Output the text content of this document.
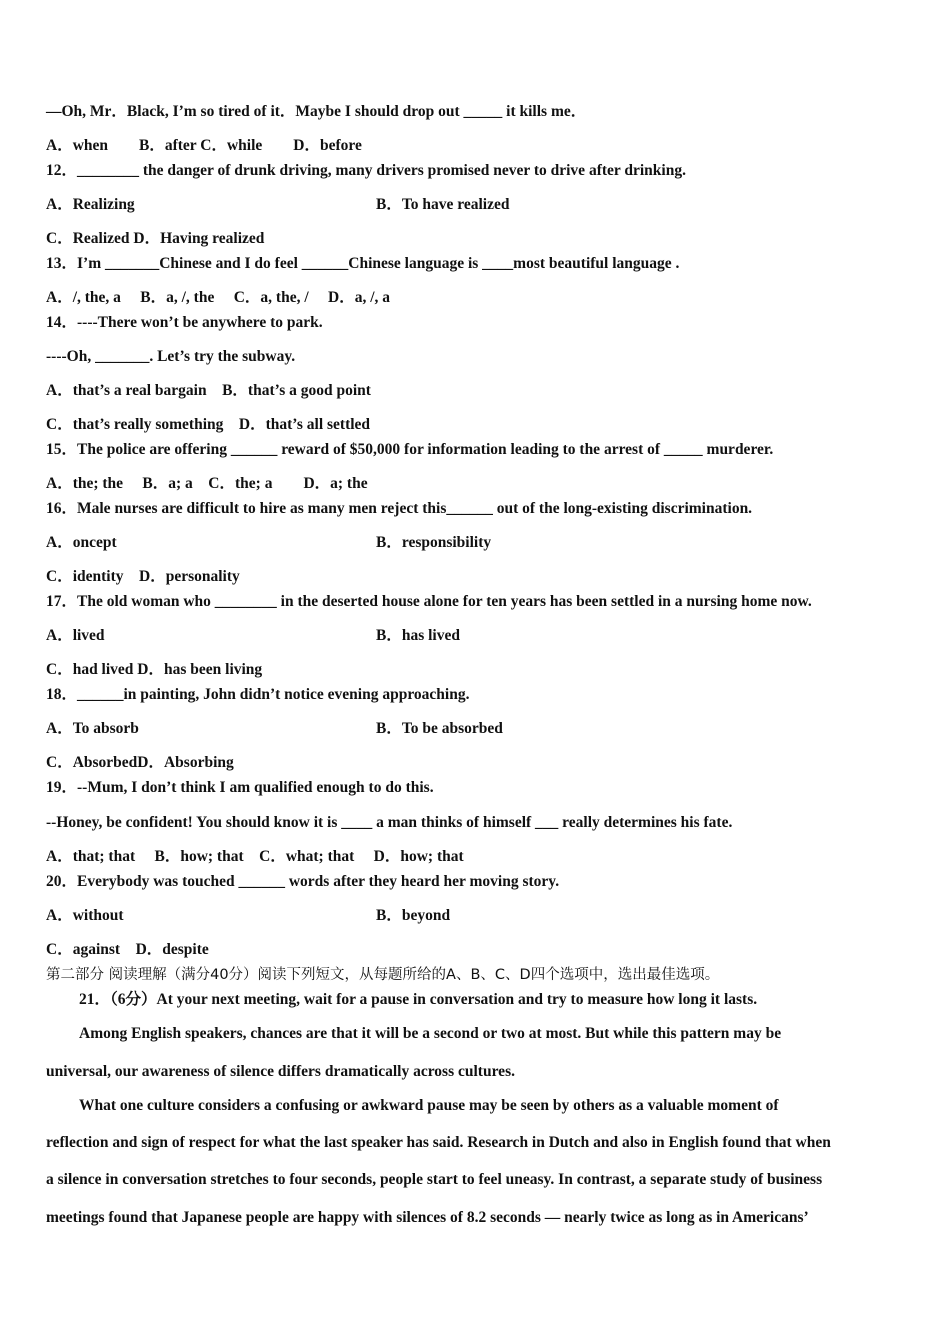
—Oh, Mr．Black, I’m so tired of it．Maybe I should drop out _____ it kills me．
A．when　　B．after C．while　　D．before
12．________ the danger of drunk driving, many drivers promised never to drive after drinking.
A．Realizing	B．To have realized
C．Realized D．Having realized
13．I’m _______Chinese and I do feel ______Chinese language is ____most beautiful language .
A．/, the, a　 B．a, /, the　 C．a, the, /　 D．a, /, a
14．----There won’t be anywhere to park.
----Oh, _______. Let’s try the subway.
A．that’s a real bargain　B．that’s a good point
C．that’s really something　D．that’s all settled
15．The police are offering ______ reward of $50,000 for information leading to the arrest of _____ murderer.
A．the; the　 B．a; a　C．the; a　　D．a; the
16．Male nurses are difficult to hire as many men reject this______ out of the long-existing discrimination.
A．oncept	B．responsibility
C．identity　D．personality
17．The old woman who ________ in the deserted house alone for ten years has been settled in a nursing home now.
A．lived	B．has lived
C．had lived D．has been living
18．______in painting, John didn’t notice evening approaching.
A．To absorb	B．To be absorbed
C．AbsorbedD．Absorbing
19．--Mum, I don’t think I am qualified enough to do this.
--Honey, be confident! You should know it is ____ a man thinks of himself ___ really determines his fate.
A．that; that　 B．how; that　C．what; that　 D．how; that
20．Everybody was touched ______ words after they heard her moving story.
A．without	B．beyond
C．against　D．despite
第二部分 阅读理解（满分40分）阅读下列短文，从每题所给的A、B、C、D四个选项中，选出最佳选项。
21．（6分）At your next meeting, wait for a pause in conversation and try to measure how long it lasts.
Among English speakers, chances are that it will be a second or two at most. But while this pattern may be
universal, our awareness of silence differs dramatically across cultures.
What one culture considers a confusing or awkward pause may be seen by others as a valuable moment of
reflection and sign of respect for what the last speaker has said. Research in Dutch and also in English found that when
a silence in conversation stretches to four seconds, people start to feel uneasy. In contrast, a separate study of business
meetings found that Japanese people are happy with silences of 8.2 seconds — nearly twice as long as in Americans’
